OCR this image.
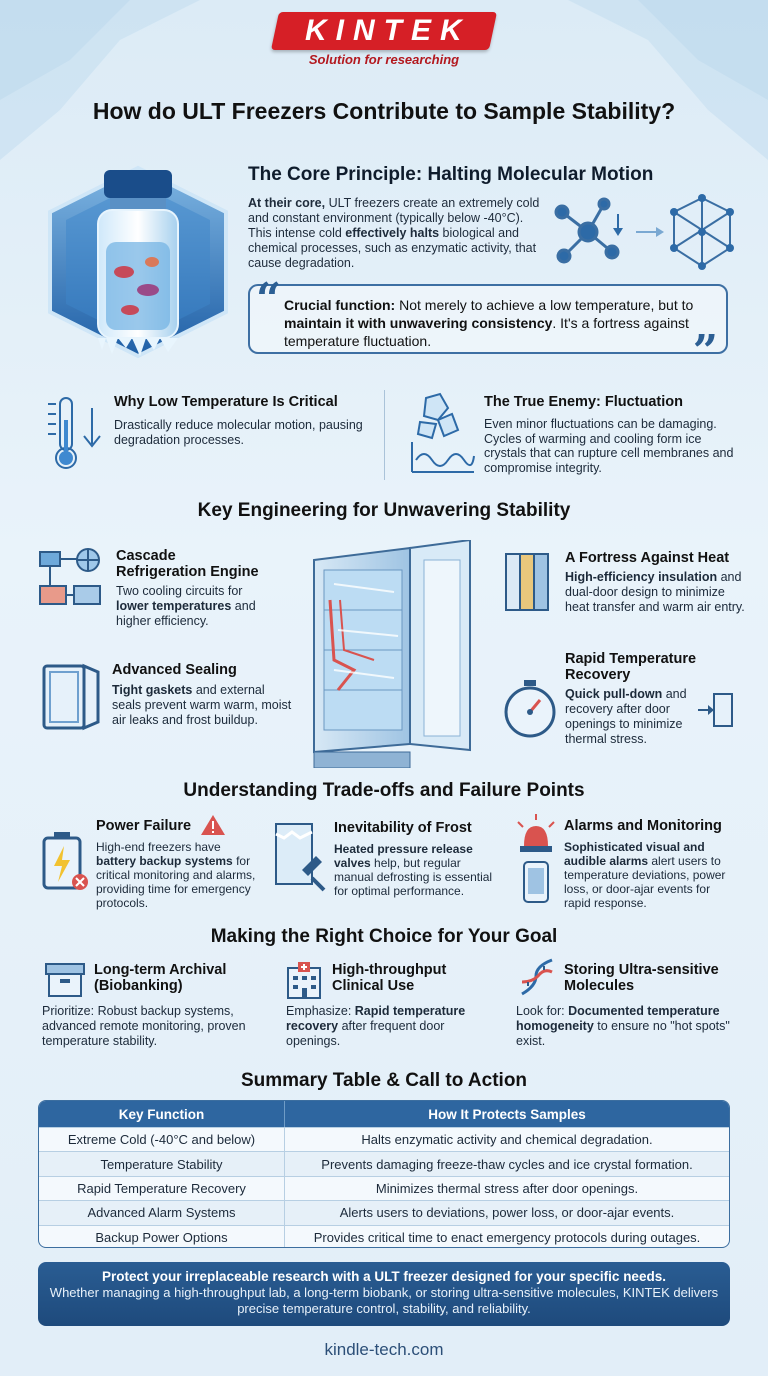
KINTEK
Solution for researching
How do ULT Freezers Contribute to Sample Stability?
The Core Principle: Halting Molecular Motion
At their core, ULT freezers create an extremely cold and constant environment (typically below -40°C). This intense cold effectively halts biological and chemical processes, such as enzymatic activity, that cause degradation.
“ Crucial function: Not merely to achieve a low temperature, but to maintain it with unwavering consistency. It's a fortress against temperature fluctuation.	”
Why Low Temperature Is Critical
Drastically reduce molecular motion, pausing degradation processes.
The True Enemy: Fluctuation
Even minor fluctuations can be damaging. Cycles of warming and cooling form ice crystals that can rupture cell membranes and compromise integrity.
Key Engineering for Unwavering Stability
Cascade Refrigeration Engine
Two cooling circuits for lower temperatures and higher efficiency.
Advanced Sealing
Tight gaskets and external seals prevent warm warm, moist air leaks and frost buildup.
A Fortress Against Heat
High-efficiency insulation and dual-door design to minimize heat transfer and warm air entry.
Rapid Temperature Recovery
Quick pull-down and recovery after door openings to minimize thermal stress.
Understanding Trade-offs and Failure Points
Power Failure
High-end freezers have battery backup systems for critical monitoring and alarms, providing time for emergency protocols.
Inevitability of Frost
Heated pressure release valves help, but regular manual defrosting is essential for optimal performance.
Alarms and Monitoring
Sophisticated visual and audible alarms alert users to temperature deviations, power loss, or door-ajar events for rapid response.
Making the Right Choice for Your Goal
Long-term Archival (Biobanking)
Prioritize: Robust backup systems, advanced remote monitoring, proven temperature stability.
High-throughput Clinical Use
Emphasize: Rapid temperature recovery after frequent door openings.
Storing Ultra-sensitive Molecules
Look for: Documented temperature homogeneity to ensure no "hot spots" exist.
Summary Table & Call to Action
Key Function	How It Protects Samples
Extreme Cold (-40°C and below)	Halts enzymatic activity and chemical degradation.
Temperature Stability	Prevents damaging freeze-thaw cycles and ice crystal formation.
Rapid Temperature Recovery	Minimizes thermal stress after door openings.
Advanced Alarm Systems	Alerts users to deviations, power loss, or door-ajar events.
Backup Power Options	Provides critical time to enact emergency protocols during outages.
Protect your irreplaceable research with a ULT freezer designed for your specific needs.
Whether managing a high-throughput lab, a long-term biobank, or storing ultra-sensitive molecules, KINTEK delivers precise temperature control, stability, and reliability.
kindle-tech.com
